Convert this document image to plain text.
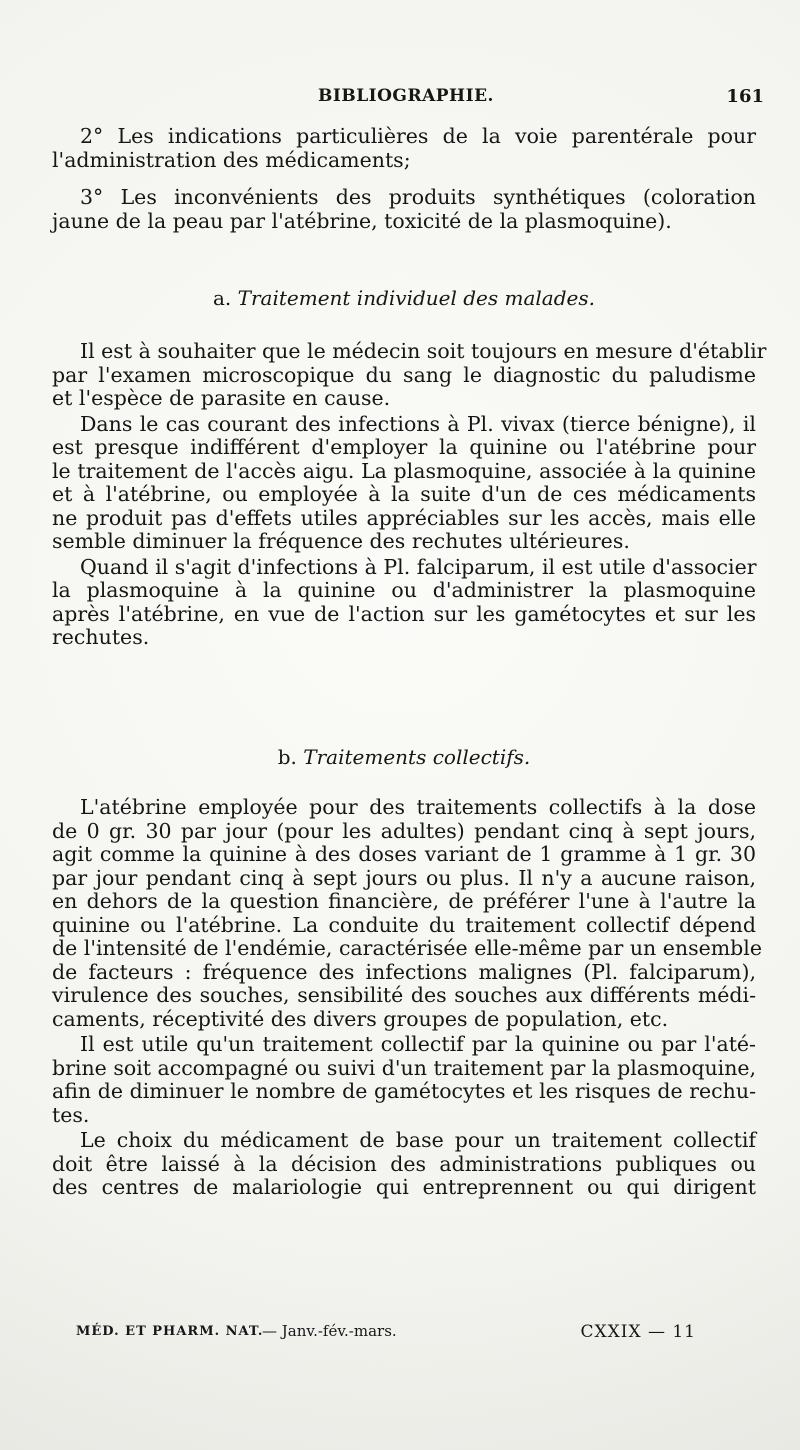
BIBLIOGRAPHIE.	161
2° Les indications particulières de la voie parentérale pour
l'administration des médicaments;
3° Les inconvénients des produits synthétiques (coloration
jaune de la peau par l'atébrine, toxicité de la plasmoquine).
a. Traitement individuel des malades.
Il est à souhaiter que le médecin soit toujours en mesure d'établir
par l'examen microscopique du sang le diagnostic du paludisme
et l'espèce de parasite en cause.
Dans le cas courant des infections à Pl. vivax (tierce bénigne), il
est presque indifférent d'employer la quinine ou l'atébrine pour
le traitement de l'accès aigu. La plasmoquine, associée à la quinine
et à l'atébrine, ou employée à la suite d'un de ces médicaments
ne produit pas d'effets utiles appréciables sur les accès, mais elle
semble diminuer la fréquence des rechutes ultérieures.
Quand il s'agit d'infections à Pl. falciparum, il est utile d'associer
la plasmoquine à la quinine ou d'administrer la plasmoquine
après l'atébrine, en vue de l'action sur les gamétocytes et sur les
rechutes.
b. Traitements collectifs.
L'atébrine employée pour des traitements collectifs à la dose
de 0 gr. 30 par jour (pour les adultes) pendant cinq à sept jours,
agit comme la quinine à des doses variant de 1 gramme à 1 gr. 30
par jour pendant cinq à sept jours ou plus. Il n'y a aucune raison,
en dehors de la question financière, de préférer l'une à l'autre la
quinine ou l'atébrine. La conduite du traitement collectif dépend
de l'intensité de l'endémie, caractérisée elle-même par un ensemble
de facteurs : fréquence des infections malignes (Pl. falciparum),
virulence des souches, sensibilité des souches aux différents médi-
caments, réceptivité des divers groupes de population, etc.
Il est utile qu'un traitement collectif par la quinine ou par l'até-
brine soit accompagné ou suivi d'un traitement par la plasmoquine,
afin de diminuer le nombre de gamétocytes et les risques de rechu-
tes.
Le choix du médicament de base pour un traitement collectif
doit être laissé à la décision des administrations publiques ou
des centres de malariologie qui entreprennent ou qui dirigent
MÉD. ET PHARM. NAT.
— Janv.-fév.-mars.	CXXIX — 11
